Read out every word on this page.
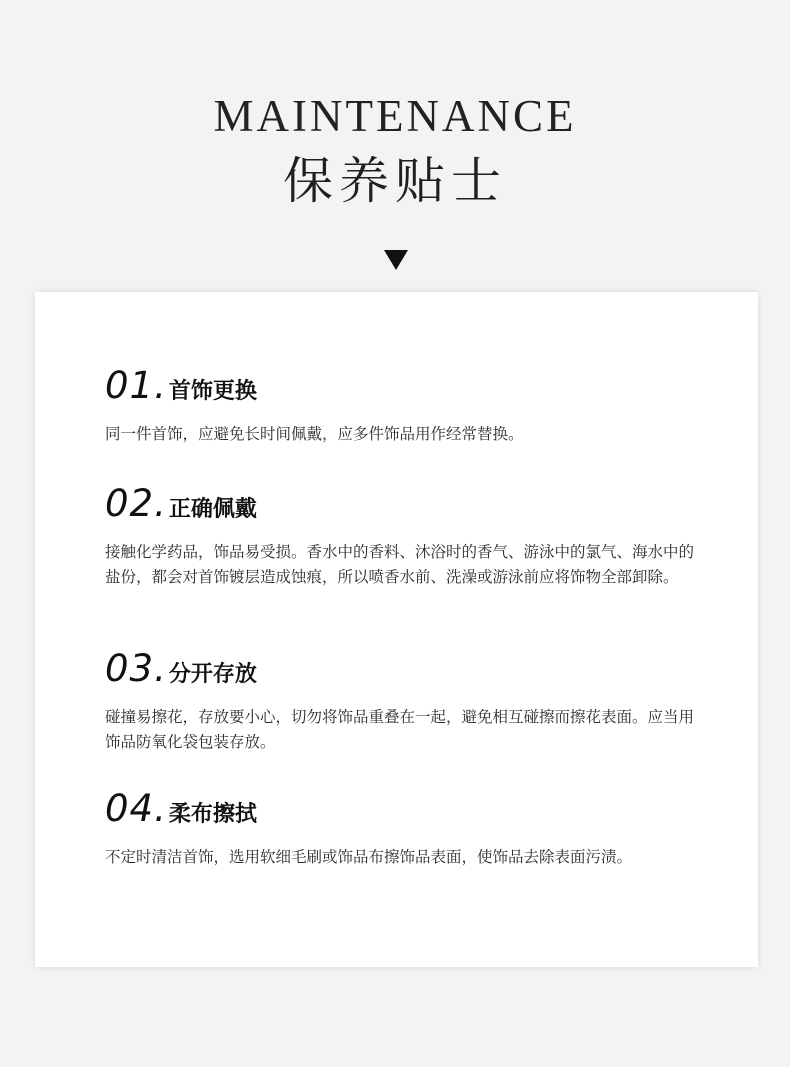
MAINTENANCE
保养贴士
01. 首饰更换
同一件首饰，应避免长时间佩戴，应多件饰品用作经常替换。
02. 正确佩戴
接触化学药品，饰品易受损。香水中的香料、沐浴时的香气、游泳中的氯气、海水中的盐份，都会对首饰镀层造成蚀痕，所以喷香水前、洗澡或游泳前应将饰物全部卸除。
03. 分开存放
碰撞易擦花，存放要小心，切勿将饰品重叠在一起，避免相互碰擦而擦花表面。应当用饰品防氧化袋包装存放。
04. 柔布擦拭
不定时清洁首饰，选用软细毛刷或饰品布擦饰品表面，使饰品去除表面污渍。
